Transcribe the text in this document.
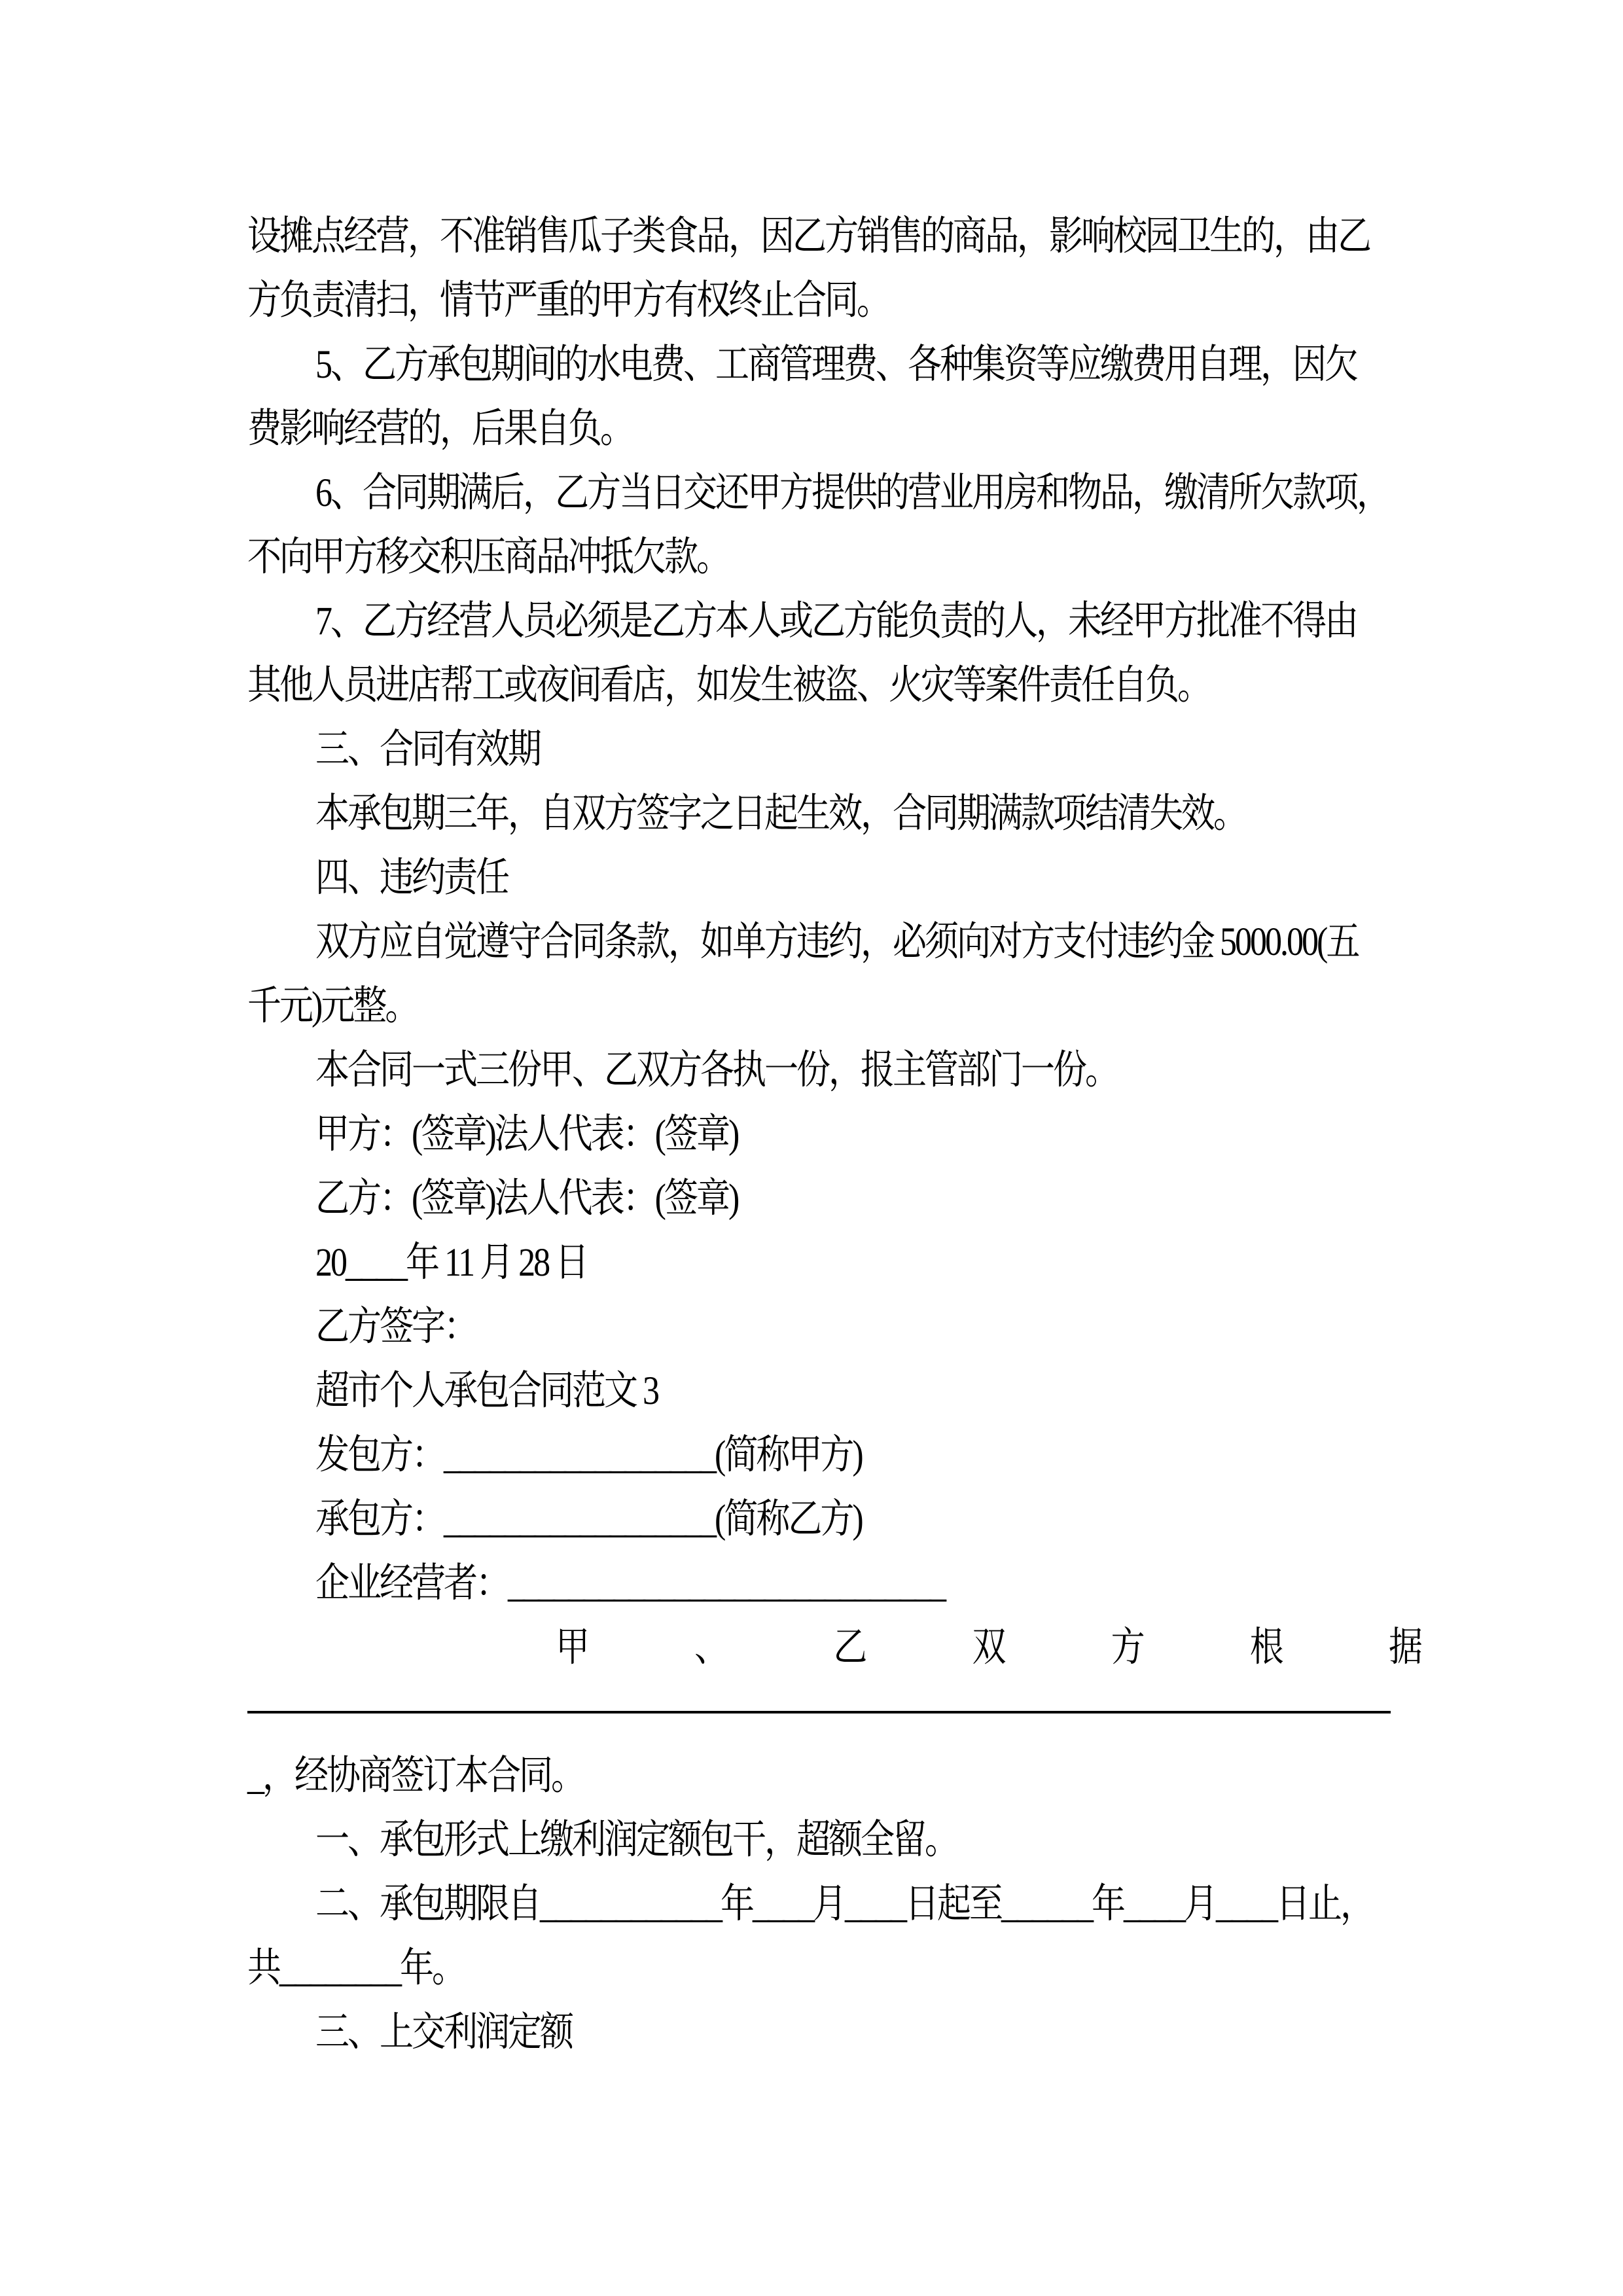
设摊点经营，不准销售瓜子类食品，因乙方销售的商品，影响校园卫生的，由乙
方负责清扫，情节严重的甲方有权终止合同。
5、乙方承包期间的水电费、工商管理费、各种集资等应缴费用自理，因欠
费影响经营的，后果自负。
6、合同期满后，乙方当日交还甲方提供的营业用房和物品，缴清所欠款项，
不向甲方移交积压商品冲抵欠款。
7、乙方经营人员必须是乙方本人或乙方能负责的人，未经甲方批准不得由
其他人员进店帮工或夜间看店，如发生被盗、火灾等案件责任自负。
三、合同有效期
本承包期三年，自双方签字之日起生效，合同期满款项结清失效。
四、违约责任
双方应自觉遵守合同条款，如单方违约，必须向对方支付违约金 5000.00(五
千元)元整。
本合同一式三份甲、乙双方各执一份，报主管部门一份。
甲方：(签章)法人代表：(签章)
乙方：(签章)法人代表：(签章)
20____年 11 月 28 日
乙方签字：
超市个人承包合同范文 3
发包方：__________________(简称甲方)
承包方：__________________(简称乙方)
企业经营者：_____________________________
甲	、	乙	双	方	根	据
_，经协商签订本合同。
一、承包形式上缴利润定额包干，超额全留。
二、承包期限自____________年____月____日起至______年____月____日止，
共________年。
三、上交利润定额
